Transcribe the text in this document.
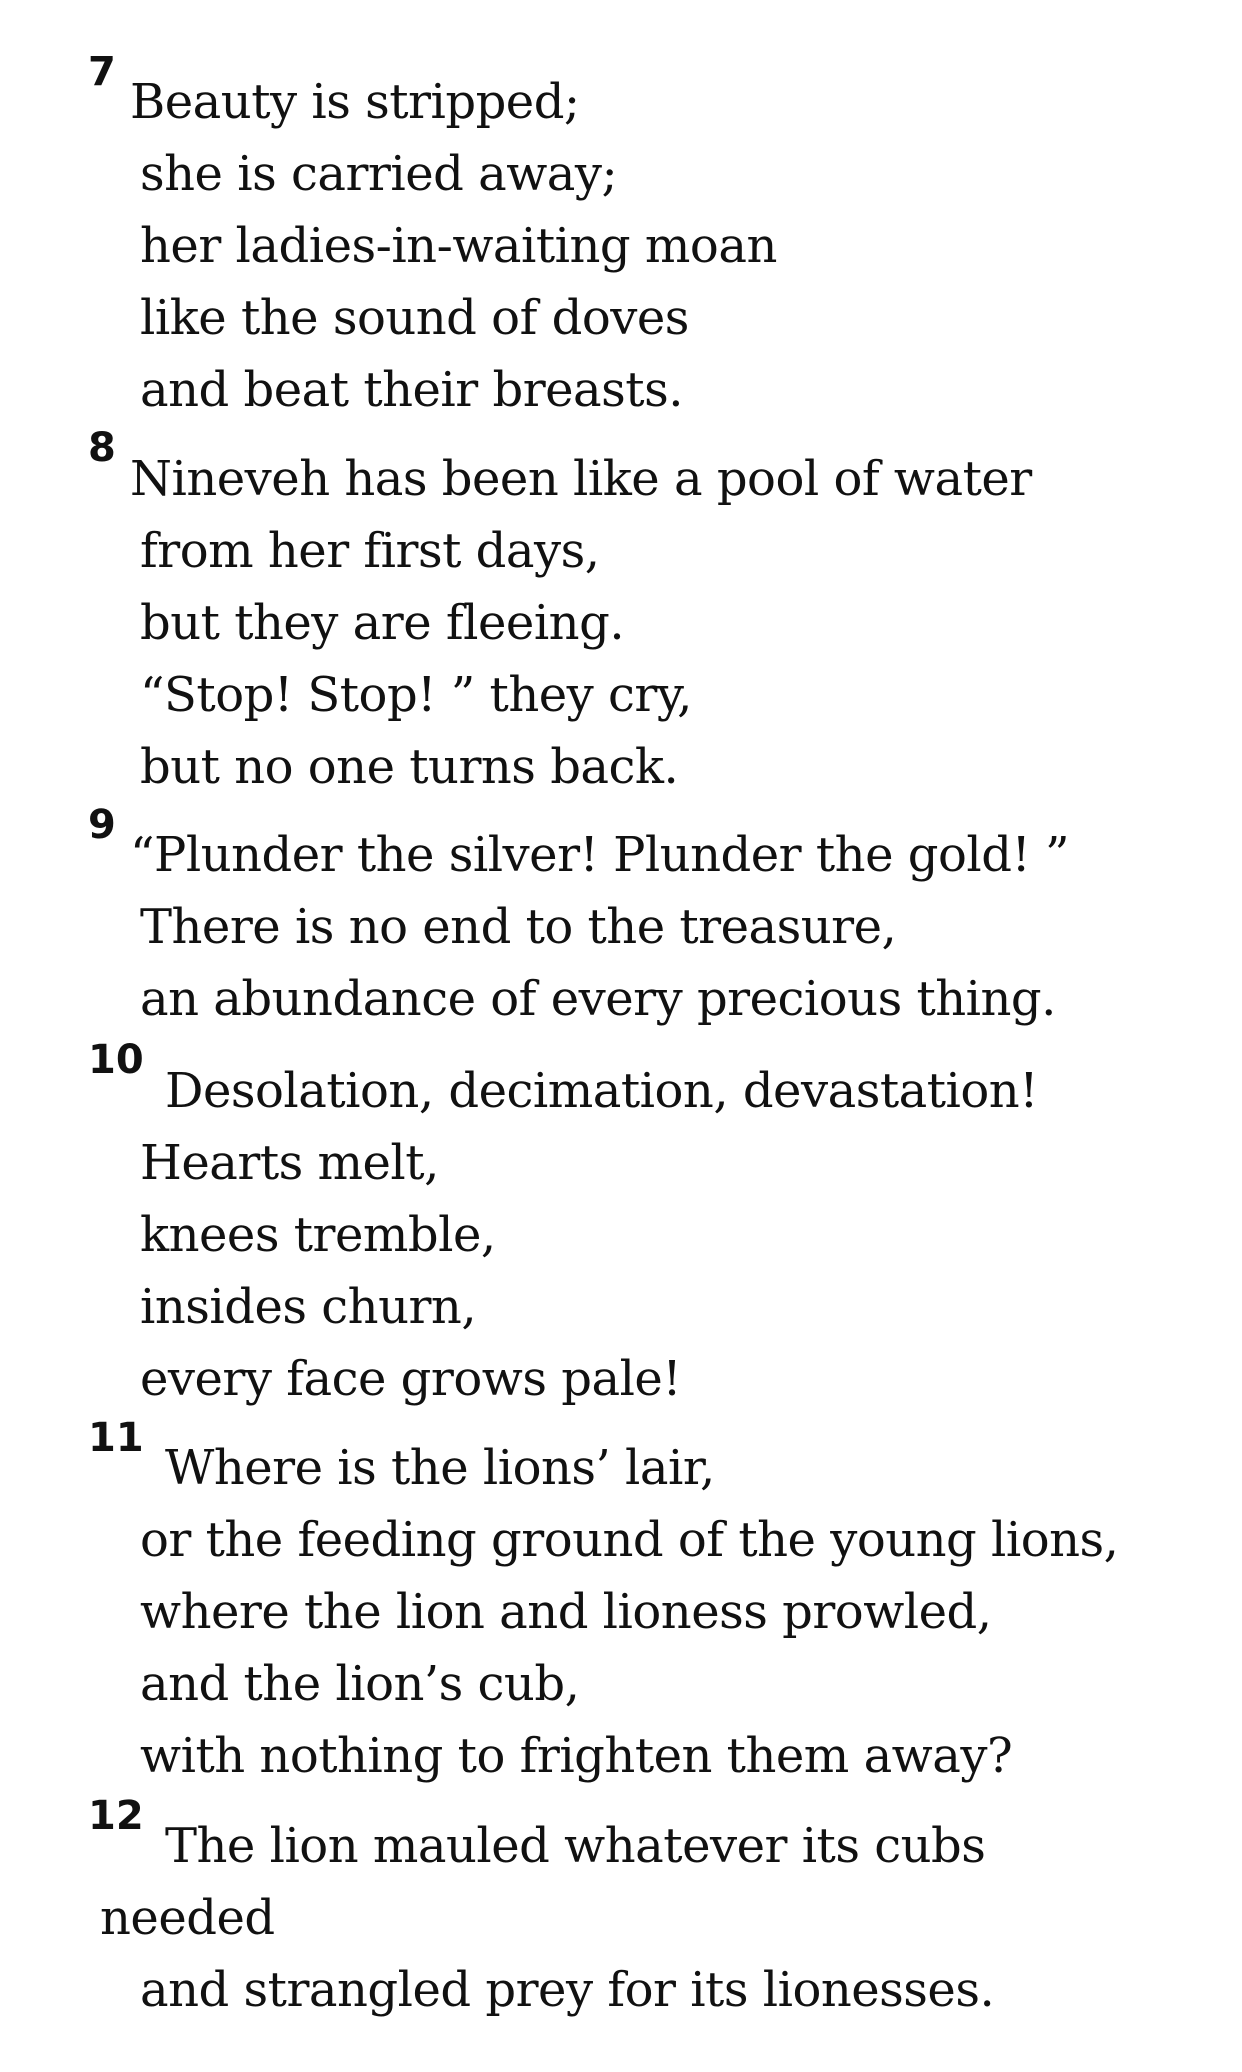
7
Beauty is stripped;
she is carried away;
her ladies-in-waiting moan
like the sound of doves
and beat their breasts.
8
Nineveh has been like a pool of water
from her first days,
but they are fleeing.
“Stop! Stop! ” they cry,
but no one turns back.
9
“Plunder the silver! Plunder the gold! ”
There is no end to the treasure,
an abundance of every precious thing.
10
Desolation, decimation, devastation!
Hearts melt,
knees tremble,
insides churn,
every face grows pale!
11
Where is the lions’ lair,
or the feeding ground of the young lions,
where the lion and lioness prowled,
and the lion’s cub,
with nothing to frighten them away?
12
The lion mauled whatever its cubs
needed
and strangled prey for its lionesses.
